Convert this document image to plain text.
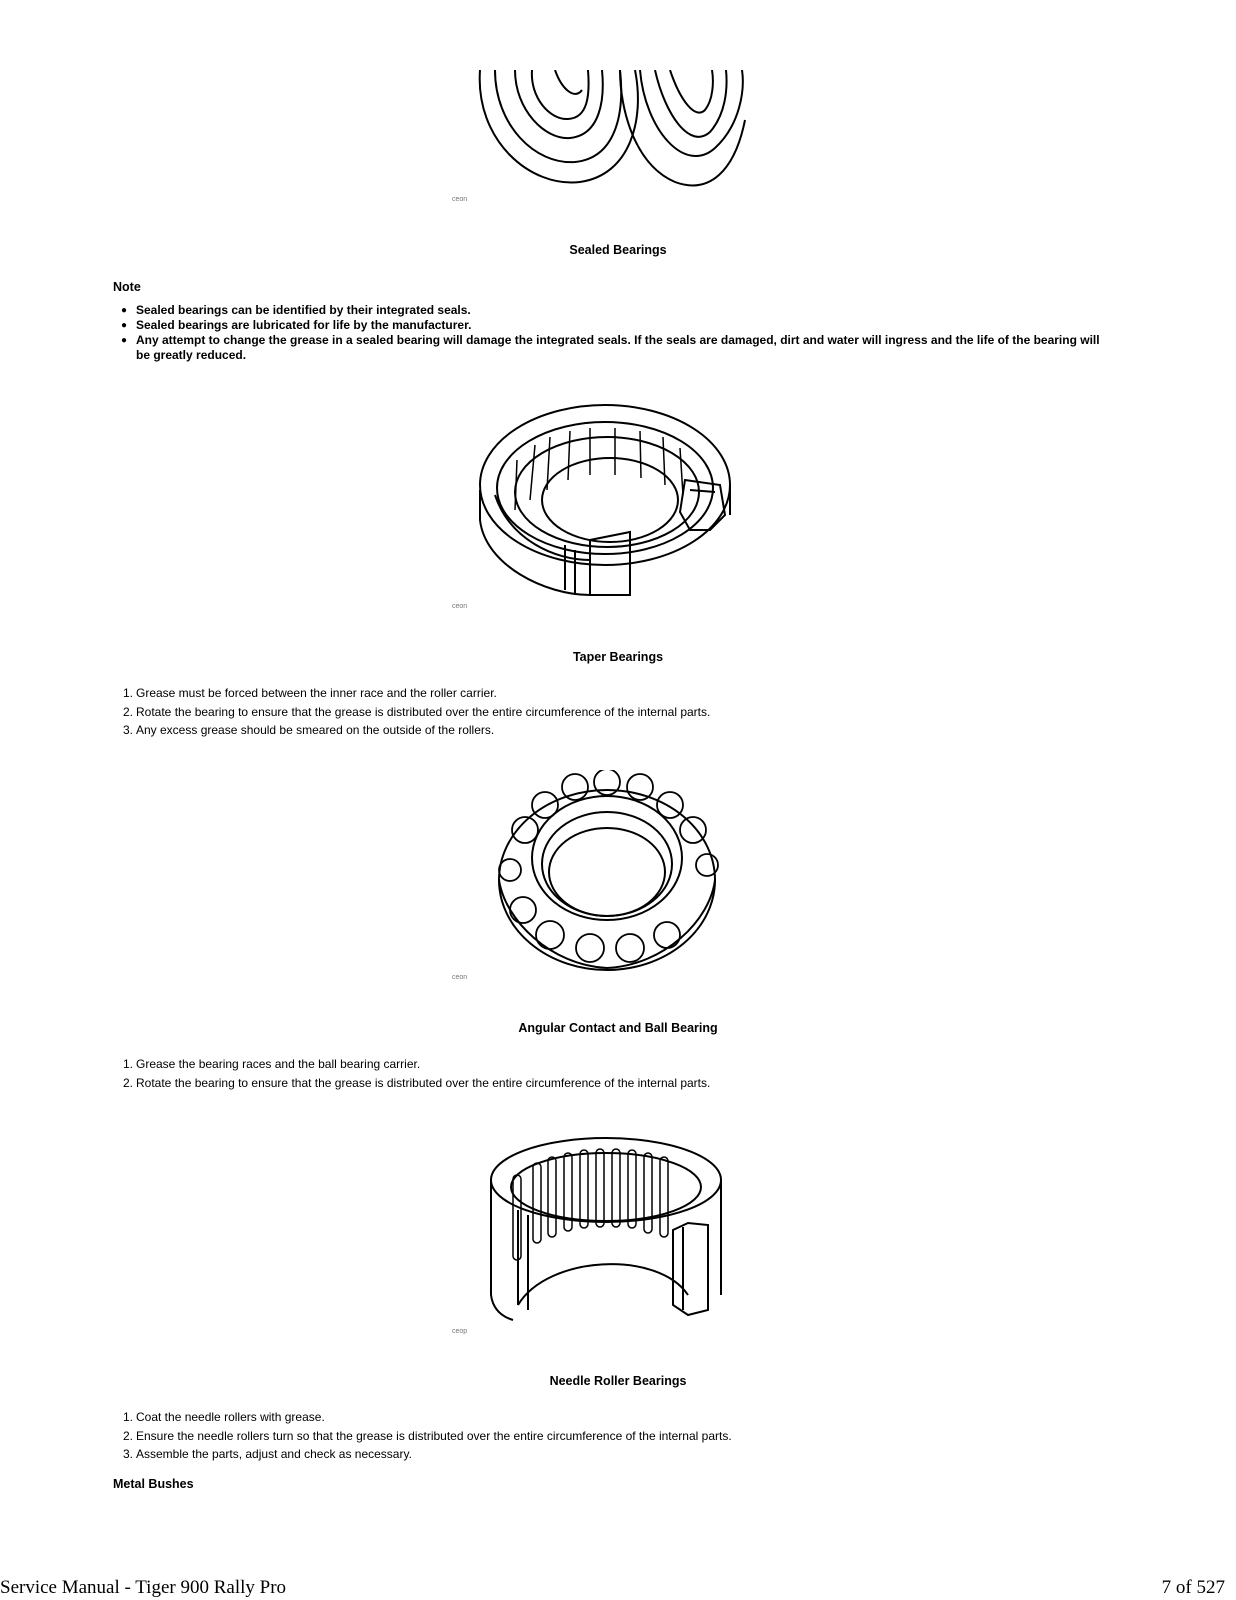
ceon
Sealed Bearings
Note
● Sealed bearings can be identified by their integrated seals.
● Sealed bearings are lubricated for life by the manufacturer.
● Any attempt to change the grease in a sealed bearing will damage the integrated seals. If the seals are damaged, dirt and water will ingress and the life of the bearing will be greatly reduced.
ceon
Taper Bearings
1. Grease must be forced between the inner race and the roller carrier.
2. Rotate the bearing to ensure that the grease is distributed over the entire circumference of the internal parts.
3. Any excess grease should be smeared on the outside of the rollers.
ceon
Angular Contact and Ball Bearing
1. Grease the bearing races and the ball bearing carrier.
2. Rotate the bearing to ensure that the grease is distributed over the entire circumference of the internal parts.
ceop
Needle Roller Bearings
1. Coat the needle rollers with grease.
2. Ensure the needle rollers turn so that the grease is distributed over the entire circumference of the internal parts.
3. Assemble the parts, adjust and check as necessary.
Metal Bushes
Service Manual - Tiger 900 Rally Pro	7 of 527
